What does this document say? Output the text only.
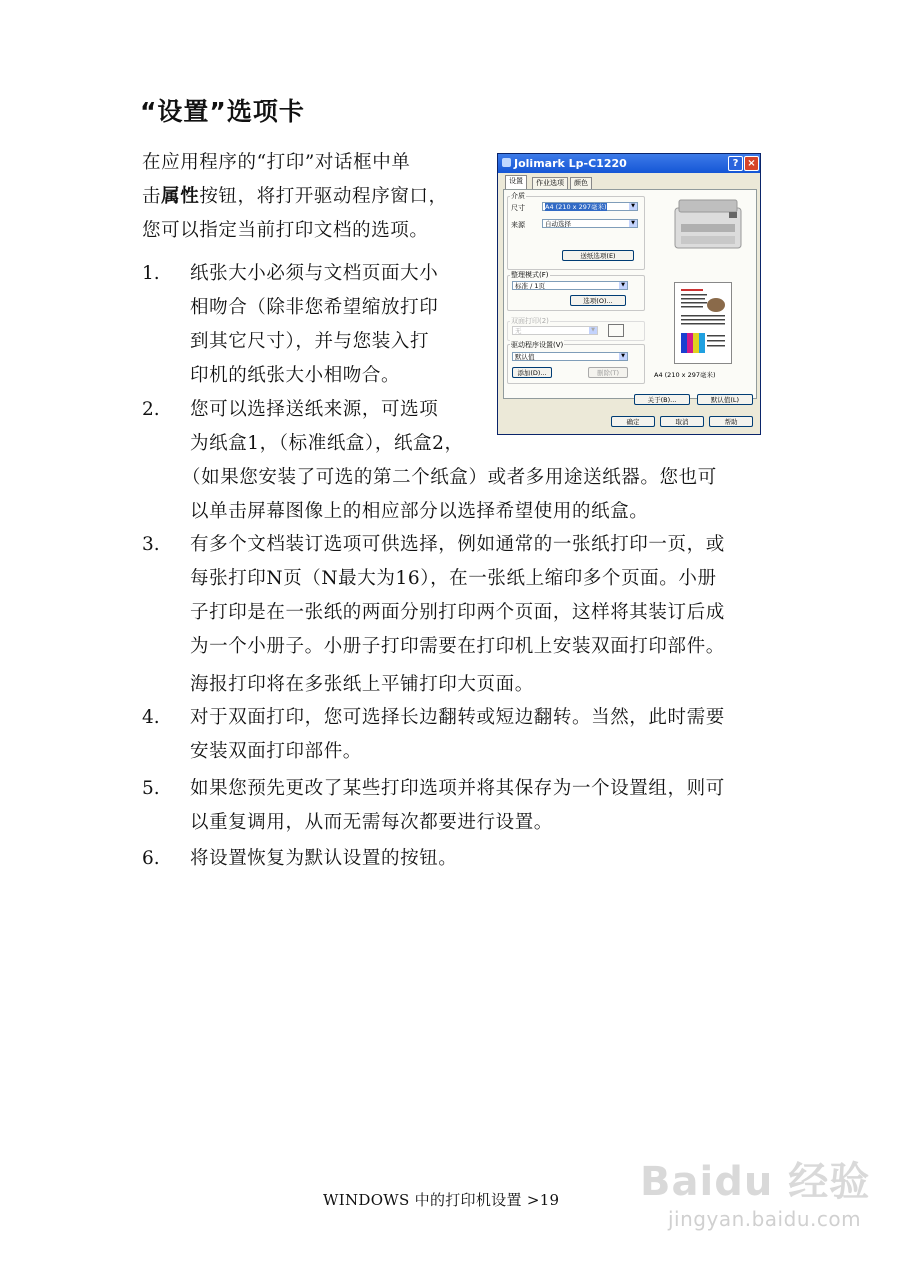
“设置”选项卡
在应用程序的“打印”对话框中单
击属性按钮，将打开驱动程序窗口，
您可以指定当前打印文档的选项。
1. 纸张大小必须与文档页面大小
相吻合（除非您希望缩放打印
到其它尺寸），并与您装入打
印机的纸张大小相吻合。
2. 您可以选择送纸来源，可选项
为纸盒1，（标准纸盒），纸盒2，
（如果您安装了可选的第二个纸盒）或者多用途送纸器。您也可
以单击屏幕图像上的相应部分以选择希望使用的纸盒。
3. 有多个文档装订选项可供选择，例如通常的一张纸打印一页，或
每张打印N页（N最大为16），在一张纸上缩印多个页面。小册
子打印是在一张纸的两面分别打印两个页面，这样将其装订后成
为一个小册子。小册子打印需要在打印机上安装双面打印部件。
海报打印将在多张纸上平铺打印大页面。
4. 对于双面打印，您可选择长边翻转或短边翻转。当然，此时需要
安装双面打印部件。
5. 如果您预先更改了某些打印选项并将其保存为一个设置组，则可
以重复调用，从而无需每次都要进行设置。
6. 将设置恢复为默认设置的按钮。
Jolimark Lp-C1220	? ×
设置	作业选项	颜色
介质
尺寸	A4 (210 x 297毫米)	▼
来源	自动选择	▼
送纸选项(E)
整理模式(F)
标准 / 1页	▼
选项(O)...
双面打印(2)
无	▼
驱动程序设置(V)
默认值	▼
添加(D)...	删除(T)	A4 (210 x 297毫米)
关于(B)...	默认值(L)
确定	取消	帮助
WINDOWS 中的打印机设置 >19 Baidu 经验
jingyan.baidu.com
